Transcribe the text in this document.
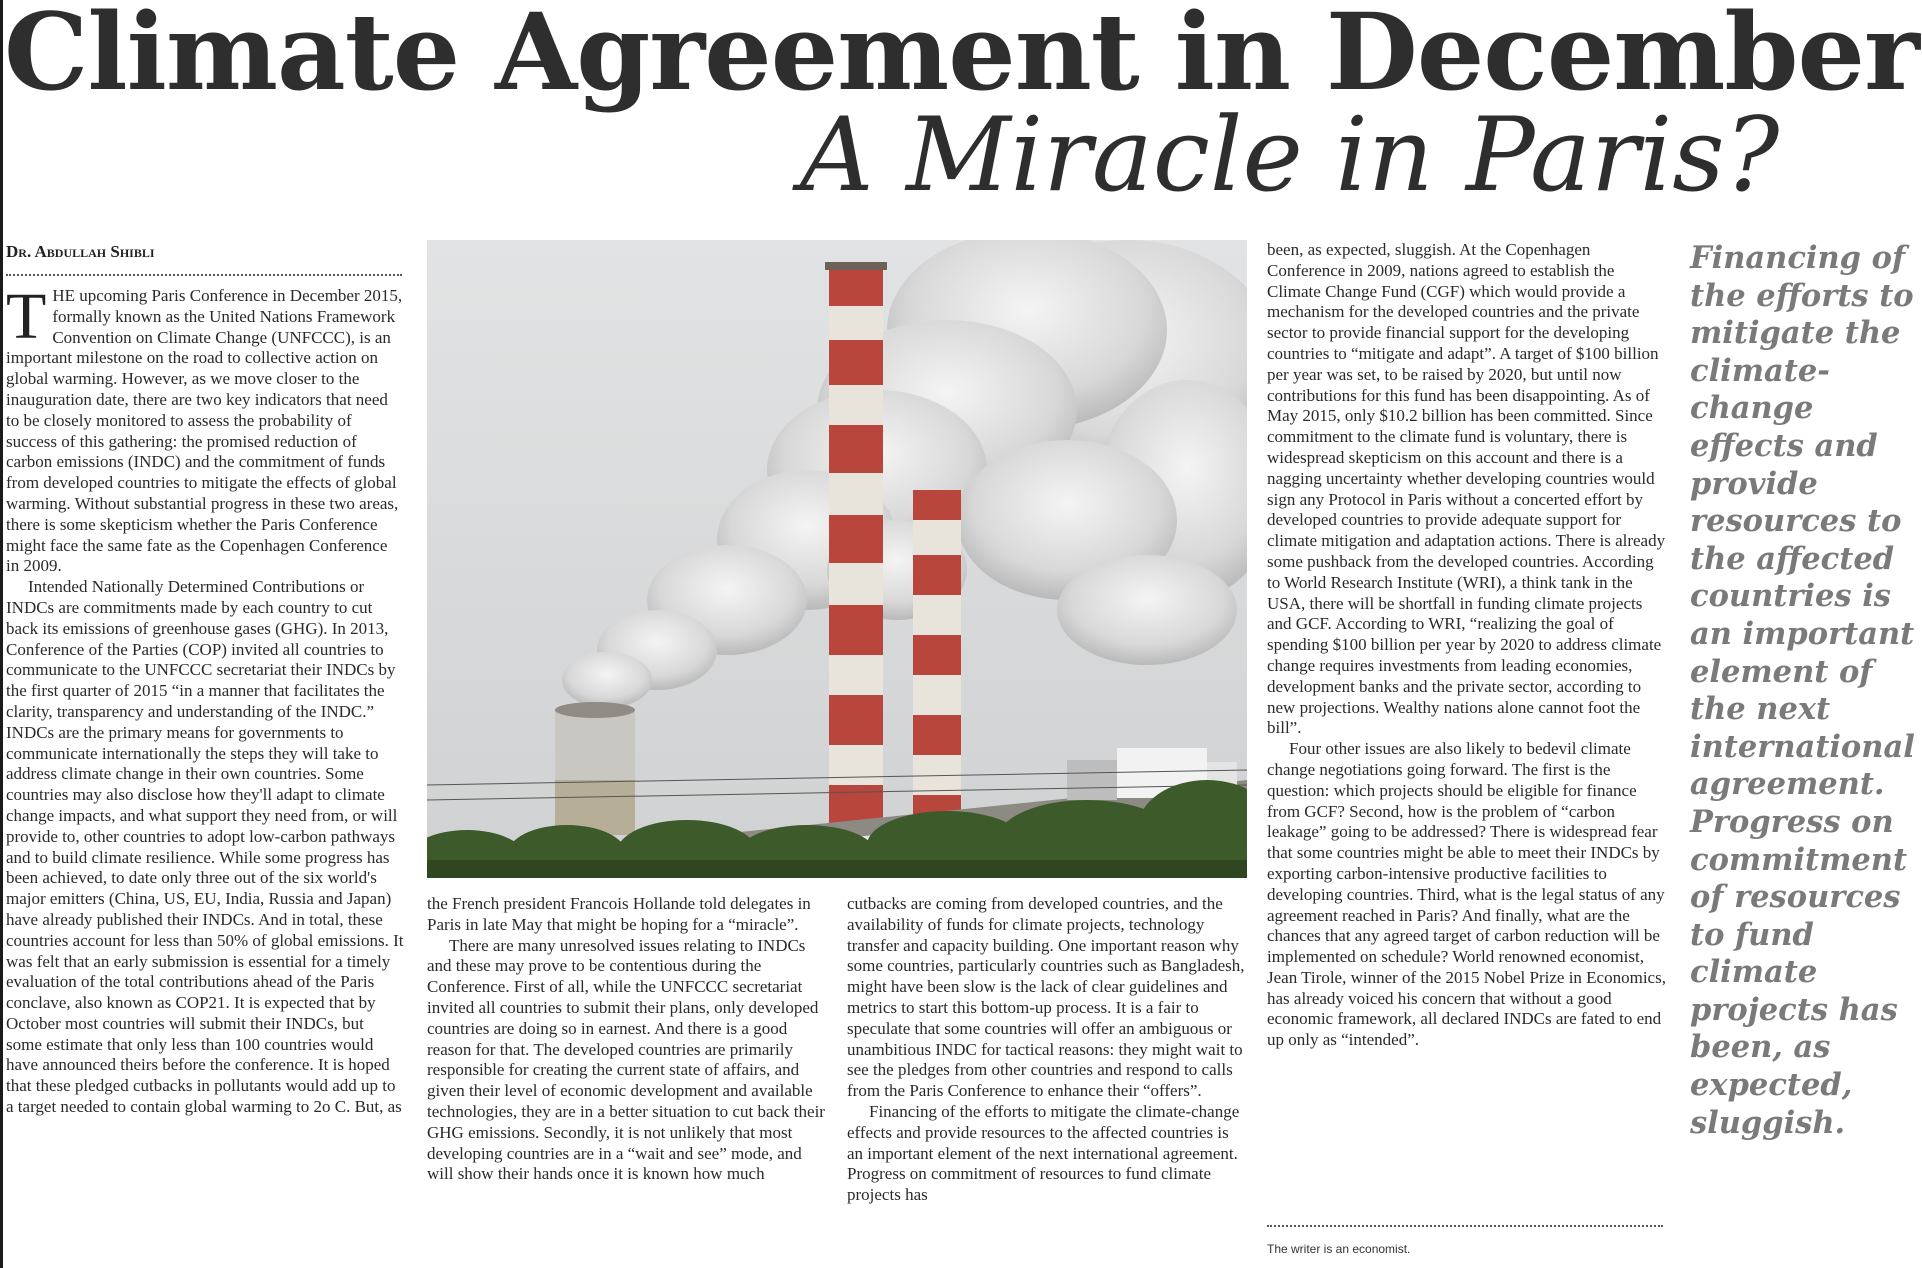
Climate Agreement in December
A Miracle in Paris?
Dr. Abdullah Shibli

THE upcoming Paris Conference in December 2015, formally known as the United Nations Framework Convention on Climate Change (UNFCCC), is an important milestone on the road to collective action on global warming. However, as we move closer to the inauguration date, there are two key indicators that need to be closely monitored to assess the probability of success of this gathering: the promised reduction of carbon emissions (INDC) and the commitment of funds from developed countries to mitigate the effects of global warming. Without substantial progress in these two areas, there is some skepticism whether the Paris Conference might face the same fate as the Copenhagen Conference in 2009.

Intended Nationally Determined Contributions or INDCs are commitments made by each country to cut back its emissions of greenhouse gases (GHG). In 2013, Conference of the Parties (COP) invited all countries to communicate to the UNFCCC secretariat their INDCs by the first quarter of 2015 “in a manner that facilitates the clarity, transparency and understanding of the INDC.” INDCs are the primary means for governments to communicate internationally the steps they will take to address climate change in their own countries. Some countries may also disclose how they'll adapt to climate change impacts, and what support they need from, or will provide to, other countries to adopt low-carbon pathways and to build climate resilience. While some progress has been achieved, to date only three out of the six world's major emitters (China, US, EU, India, Russia and Japan) have already published their INDCs. And in total, these countries account for less than 50% of global emissions. It was felt that an early submission is essential for a timely evaluation of the total contributions ahead of the Paris conclave, also known as COP21. It is expected that by October most countries will submit their INDCs, but some estimate that only less than 100 countries would have announced theirs before the conference. It is hoped that these pledged cutbacks in pollutants would add up to a target needed to contain global warming to 2o C. But, as

the French president Francois Hollande told delegates in Paris in late May that might be hoping for a “miracle”.

There are many unresolved issues relating to INDCs and these may prove to be contentious during the Conference. First of all, while the UNFCCC secretariat invited all countries to submit their plans, only developed countries are doing so in earnest. And there is a good reason for that. The developed countries are primarily responsible for creating the current state of affairs, and given their level of economic development and available technologies, they are in a better situation to cut back their GHG emissions. Secondly, it is not unlikely that most developing countries are in a “wait and see” mode, and will show their hands once it is known how much

cutbacks are coming from developed countries, and the availability of funds for climate projects, technology transfer and capacity building. One important reason why some countries, particularly countries such as Bangladesh, might have been slow is the lack of clear guidelines and metrics to start this bottom-up process. It is a fair to speculate that some countries will offer an ambiguous or unambitious INDC for tactical reasons: they might wait to see the pledges from other countries and respond to calls from the Paris Conference to enhance their “offers”.

Financing of the efforts to mitigate the climate-change effects and provide resources to the affected countries is an important element of the next international agreement. Progress on commitment of resources to fund climate projects has

been, as expected, sluggish. At the Copenhagen Conference in 2009, nations agreed to establish the Climate Change Fund (CGF) which would provide a mechanism for the developed countries and the private sector to provide financial support for the developing countries to “mitigate and adapt”. A target of $100 billion per year was set, to be raised by 2020, but until now contributions for this fund has been disappointing. As of May 2015, only $10.2 billion has been committed. Since commitment to the climate fund is voluntary, there is widespread skepticism on this account and there is a nagging uncertainty whether developing countries would sign any Protocol in Paris without a concerted effort by developed countries to provide adequate support for climate mitigation and adaptation actions. There is already some pushback from the developed countries. According to World Research Institute (WRI), a think tank in the USA, there will be shortfall in funding climate projects and GCF. According to WRI, “realizing the goal of spending $100 billion per year by 2020 to address climate change requires investments from leading economies, development banks and the private sector, according to new projections. Wealthy nations alone cannot foot the bill”.

Four other issues are also likely to bedevil climate change negotiations going forward. The first is the question: which projects should be eligible for finance from GCF? Second, how is the problem of “carbon leakage” going to be addressed? There is widespread fear that some countries might be able to meet their INDCs by exporting carbon-intensive productive facilities to developing countries. Third, what is the legal status of any agreement reached in Paris? And finally, what are the chances that any agreed target of carbon reduction will be implemented on schedule? World renowned economist, Jean Tirole, winner of the 2015 Nobel Prize in Economics, has already voiced his concern that without a good economic framework, all declared INDCs are fated to end up only as “intended”.

Financing of the efforts to mitigate the climate-change effects and provide resources to the affected countries is an important element of the next international agreement. Progress on commitment of resources to fund climate projects has been, as expected, sluggish.
The writer is an economist.
